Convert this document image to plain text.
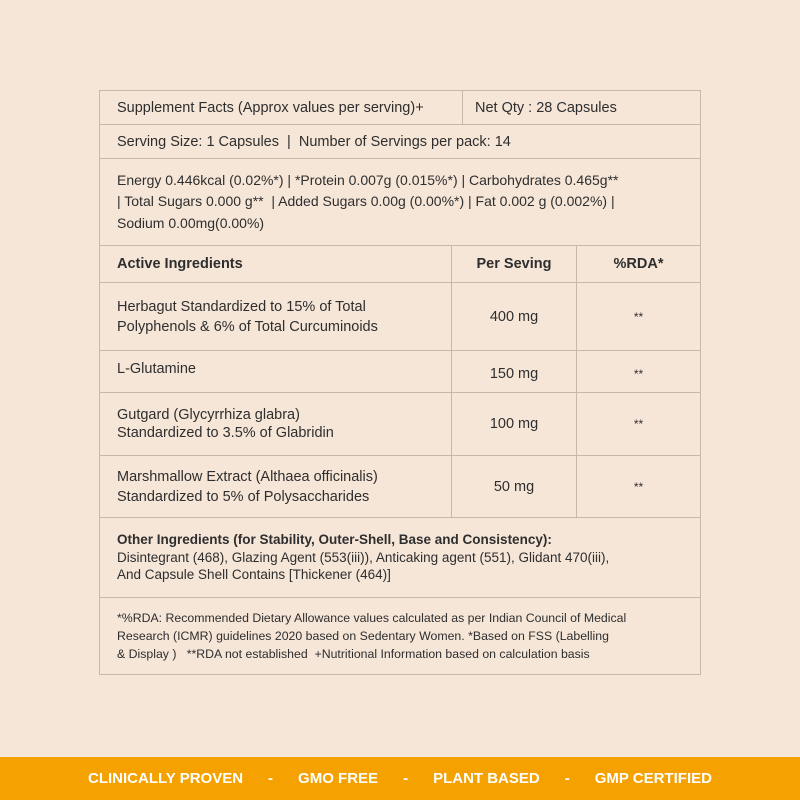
Supplement Facts (Approx values per serving)+	Net Qty : 28 Capsules
Serving Size: 1 Capsules  |  Number of Servings per pack: 14
Energy 0.446kcal (0.02%*) | *Protein 0.007g (0.015%*) | Carbohydrates 0.465g**
| Total Sugars 0.000 g**  | Added Sugars 0.00g (0.00%*) | Fat 0.002 g (0.002%) |
Sodium 0.00mg(0.00%)
Active Ingredients	Per Seving	%RDA*
Herbagut Standardized to 15% of Total
Polyphenols & 6% of Total Curcuminoids
400 mg	**
L-Glutamine	150 mg	**
Gutgard (Glycyrrhiza glabra)
Standardized to 3.5% of Glabridin
100 mg	**
Marshmallow Extract (Althaea officinalis)
Standardized to 5% of Polysaccharides
50 mg	**
Other Ingredients (for Stability, Outer-Shell, Base and Consistency):
Disintegrant (468), Glazing Agent (553(iii)), Anticaking agent (551), Glidant 470(iii),
And Capsule Shell Contains [Thickener (464)]
*%RDA: Recommended Dietary Allowance values calculated as per Indian Council of Medical
Research (ICMR) guidelines 2020 based on Sedentary Women. *Based on FSS (Labelling
& Display )   **RDA not established  +Nutritional Information based on calculation basis
CLINICALLY PROVEN - GMO FREE - PLANT BASED - GMP CERTIFIED
